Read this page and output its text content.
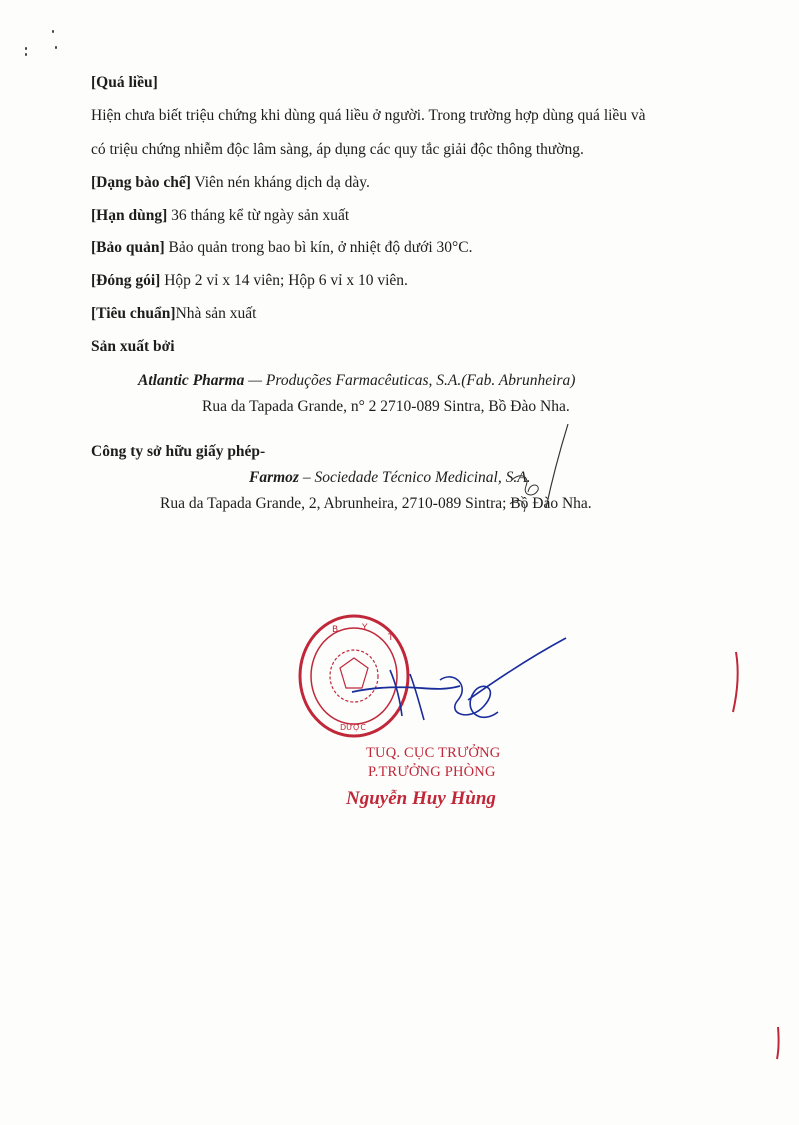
[Quá liều]
Hiện chưa biết triệu chứng khi dùng quá liều ở người. Trong trường hợp dùng quá liều và
có triệu chứng nhiễm độc lâm sàng, áp dụng các quy tắc giải độc thông thường.
[Dạng bào chế] Viên nén kháng dịch dạ dày.
[Hạn dùng] 36 tháng kể từ ngày sản xuất
[Bảo quản] Bảo quản trong bao bì kín, ở nhiệt độ dưới 30°C.
[Đóng gói] Hộp 2 vỉ x 14 viên; Hộp 6 vỉ x 10 viên.
[Tiêu chuẩn]Nhà sản xuất
Sản xuất bởi
Atlantic Pharma — Produções Farmacêuticas, S.A.(Fab. Abrunheira)
Rua da Tapada Grande, n° 2 2710-089 Sintra, Bồ Đào Nha.
Công ty sở hữu giấy phép-
Farmoz – Sociedade Técnico Medicinal, S.A.
Rua da Tapada Grande, 2, Abrunheira, 2710-089 Sintra; Bồ Đào Nha.
B	Y
T
DƯỢC
TUQ. CỤC TRƯỞNG
P.TRƯỞNG PHÒNG
Nguyễn Huy Hùng
